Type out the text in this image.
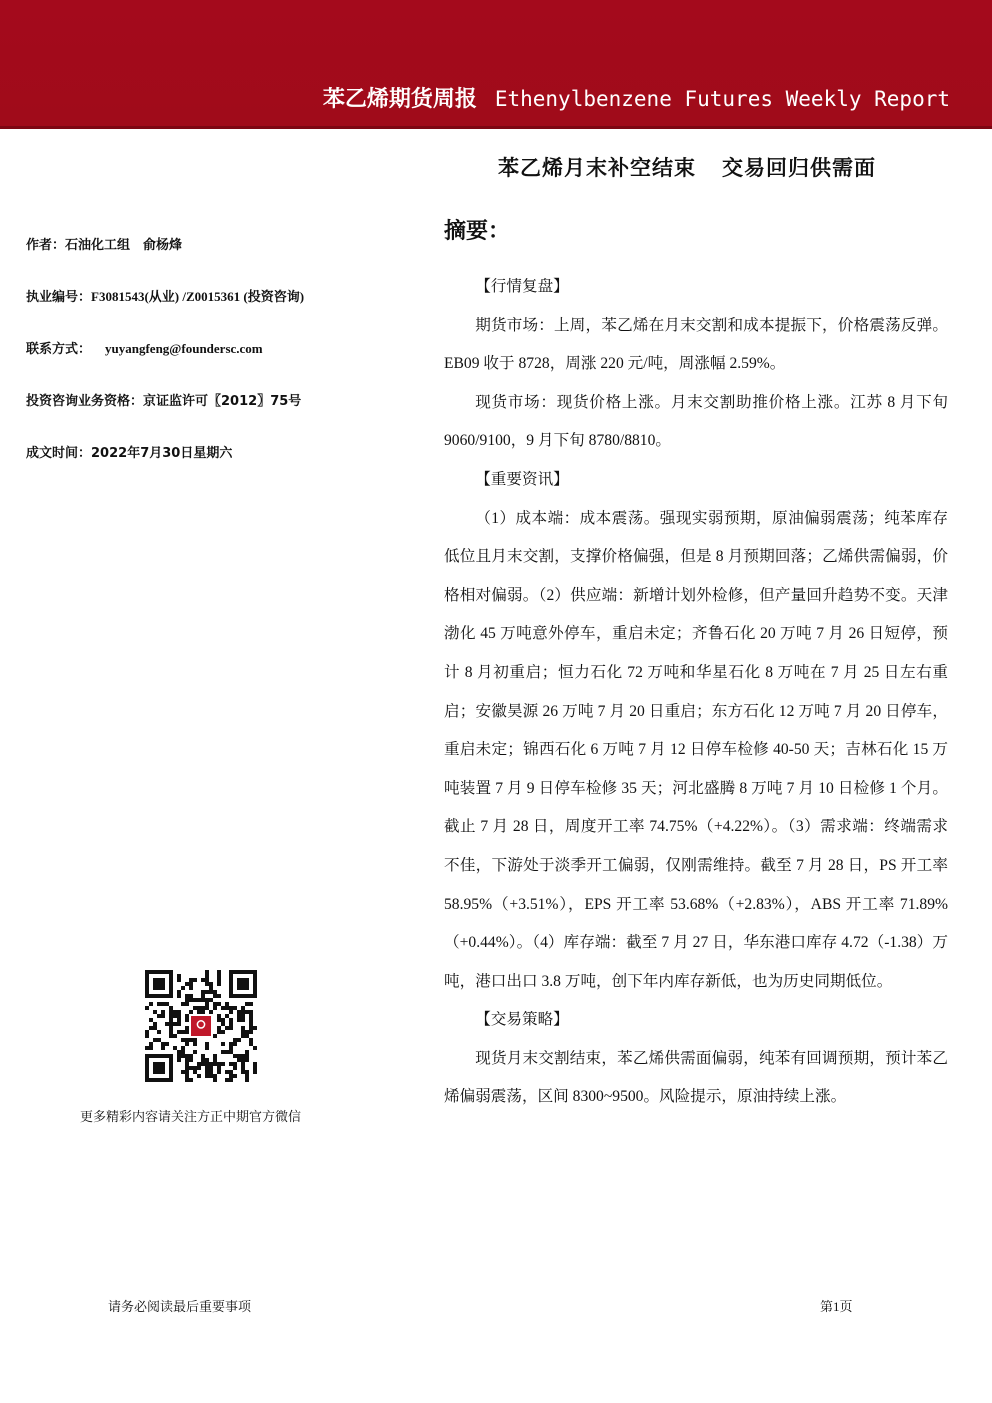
苯乙烯期货周报 Ethenylbenzene Futures Weekly Report
苯乙烯月末补空结束 交易回归供需面
作者：石油化工组　俞杨烽
执业编号：F3081543(从业) /Z0015361 (投资咨询)
联系方式： yuyangfeng@foundersc.com
投资咨询业务资格：京证监许可〖2012〗75号
成文时间：2022年7月30日星期六
摘要：

【行情复盘】

期货市场：上周，苯乙烯在月末交割和成本提振下，价格震荡反弹。EB09 收于 8728，周涨 220 元/吨，周涨幅 2.59%。

现货市场：现货价格上涨。月末交割助推价格上涨。江苏 8 月下旬 9060/9100，9 月下旬 8780/8810。

【重要资讯】

（1）成本端：成本震荡。强现实弱预期，原油偏弱震荡；纯苯库存低位且月末交割，支撑价格偏强，但是 8 月预期回落；乙烯供需偏弱，价格相对偏弱。（2）供应端：新增计划外检修，但产量回升趋势不变。天津渤化 45 万吨意外停车，重启未定；齐鲁石化 20 万吨 7 月 26 日短停，预计 8 月初重启；恒力石化 72 万吨和华星石化 8 万吨在 7 月 25 日左右重启；安徽昊源 26 万吨 7 月 20 日重启；东方石化 12 万吨 7 月 20 日停车，重启未定；锦西石化 6 万吨 7 月 12 日停车检修 40-50 天；吉林石化 15 万吨装置 7 月 9 日停车检修 35 天；河北盛腾 8 万吨 7 月 10 日检修 1 个月。截止 7 月 28 日，周度开工率 74.75%（+4.22%）。（3）需求端：终端需求不佳，下游处于淡季开工偏弱，仅刚需维持。截至 7 月 28 日，PS 开工率 58.95%（+3.51%），EPS 开工率 53.68%（+2.83%），ABS 开工率 71.89%（+0.44%）。（4）库存端：截至 7 月 27 日，华东港口库存 4.72（-1.38）万吨，港口出口 3.8 万吨，创下年内库存新低，也为历史同期低位。

【交易策略】

现货月末交割结束，苯乙烯供需面偏弱，纯苯有回调预期，预计苯乙烯偏弱震荡，区间 8300~9500。风险提示，原油持续上涨。

更多精彩内容请关注方正中期官方微信
请务必阅读最后重要事项	第1页
